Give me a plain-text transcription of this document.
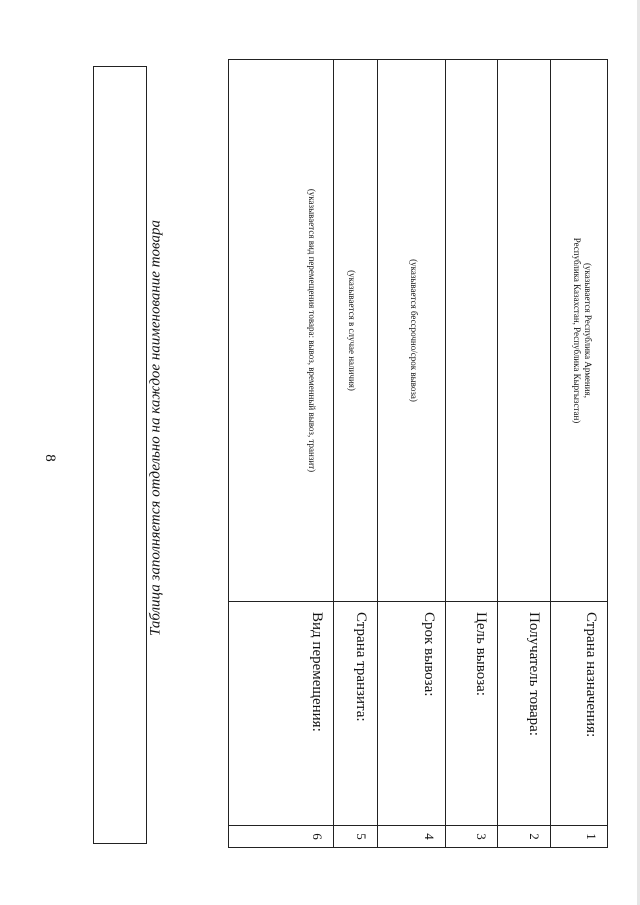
8	Таблица заполняется отдельно на каждое наименование товара
1
Страна назначения:
(указывается Республика Армения,
Республика Казахстан, Республика Кыргызстан)
2
Получатель товара:
3
Цель вывоза:
4
Срок вывоза:
(указывается бессрочно/срок вывоза)
5
Страна транзита:
(указывается в случае наличия)
6
Вид перемещения:
(указывается вид перемещения товара: вывоз, временный вывоз, транзит)
